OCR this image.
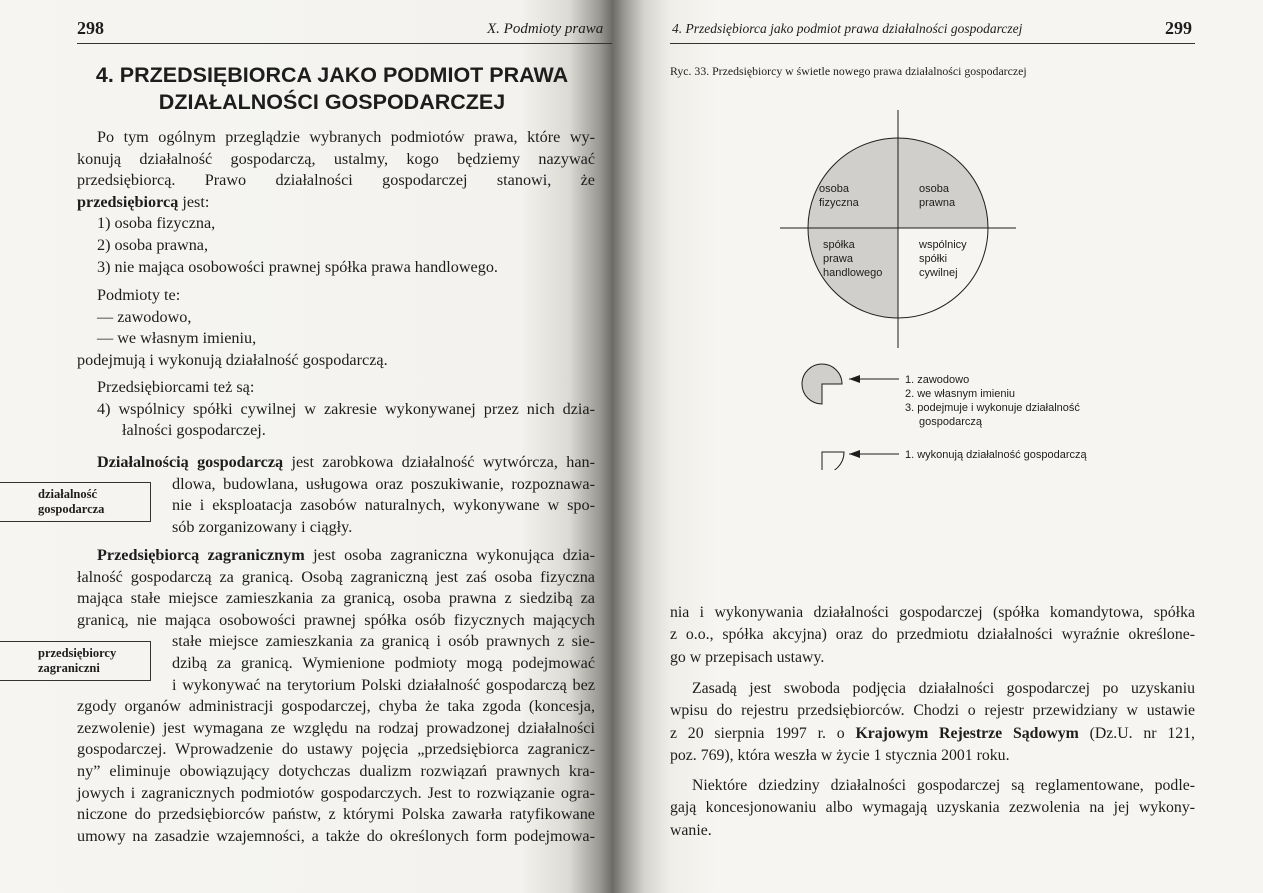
298	X. Podmioty prawa
4. PRZEDSIĘBIORCA JAKO PODMIOT PRAWA
DZIAŁALNOŚCI GOSPODARCZEJ
Po tym ogólnym przeglądzie wybranych podmiotów prawa, które wy-
konują działalność gospodarczą, ustalmy, kogo będziemy nazywać
przedsiębiorcą. Prawo działalności gospodarczej stanowi, że
przedsiębiorcą jest:
1) osoba fizyczna,
2) osoba prawna,
3) nie mająca osobowości prawnej spółka prawa handlowego.
Podmioty te:
— zawodowo,
— we własnym imieniu,
podejmują i wykonują działalność gospodarczą.
Przedsiębiorcami też są:
4) wspólnicy spółki cywilnej w zakresie wykonywanej przez nich dzia-
łalności gospodarczej.
Działalnością gospodarczą jest zarobkowa działalność wytwórcza, han-
dlowa, budowlana, usługowa oraz poszukiwanie, rozpoznawa-
nie i eksploatacja zasobów naturalnych, wykonywane w spo-
sób zorganizowany i ciągły.
działalność
gospodarcza
Przedsiębiorcą zagranicznym jest osoba zagraniczna wykonująca dzia-
łalność gospodarczą za granicą. Osobą zagraniczną jest zaś osoba fizyczna
mająca stałe miejsce zamieszkania za granicą, osoba prawna z siedzibą za
granicą, nie mająca osobowości prawnej spółka osób fizycznych mających
stałe miejsce zamieszkania za granicą i osób prawnych z sie-
dzibą za granicą. Wymienione podmioty mogą podejmować
i wykonywać na terytorium Polski działalność gospodarczą bez
zgody organów administracji gospodarczej, chyba że taka zgoda (koncesja,
zezwolenie) jest wymagana ze względu na rodzaj prowadzonej działalności
gospodarczej. Wprowadzenie do ustawy pojęcia „przedsiębiorca zagranicz-
ny” eliminuje obowiązujący dotychczas dualizm rozwiązań prawnych kra-
jowych i zagranicznych podmiotów gospodarczych. Jest to rozwiązanie ogra-
niczone do przedsiębiorców państw, z którymi Polska zawarła ratyfikowane
umowy na zasadzie wzajemności, a także do określonych form podejmowa-
przedsiębiorcy
zagraniczni
4. Przedsiębiorca jako podmiot prawa działalności gospodarczej	299
Ryc. 33. Przedsiębiorcy w świetle nowego prawa działalności gospodarczej
osoba
fizyczna
osoba
prawna
spółka
prawa
handlowego
wspólnicy
spółki
cywilnej
1. zawodowo
2. we własnym imieniu
3. podejmuje i wykonuje działalność
gospodarczą
1. wykonują działalność gospodarczą
nia i wykonywania działalności gospodarczej (spółka komandytowa, spółka
z o.o., spółka akcyjna) oraz do przedmiotu działalności wyraźnie określone-
go w przepisach ustawy.
Zasadą jest swoboda podjęcia działalności gospodarczej po uzyskaniu
wpisu do rejestru przedsiębiorców. Chodzi o rejestr przewidziany w ustawie
z 20 sierpnia 1997 r. o Krajowym Rejestrze Sądowym (Dz.U. nr 121,
poz. 769), która weszła w życie 1 stycznia 2001 roku.
Niektóre dziedziny działalności gospodarczej są reglamentowane, podle-
gają koncesjonowaniu albo wymagają uzyskania zezwolenia na jej wykony-
wanie.
